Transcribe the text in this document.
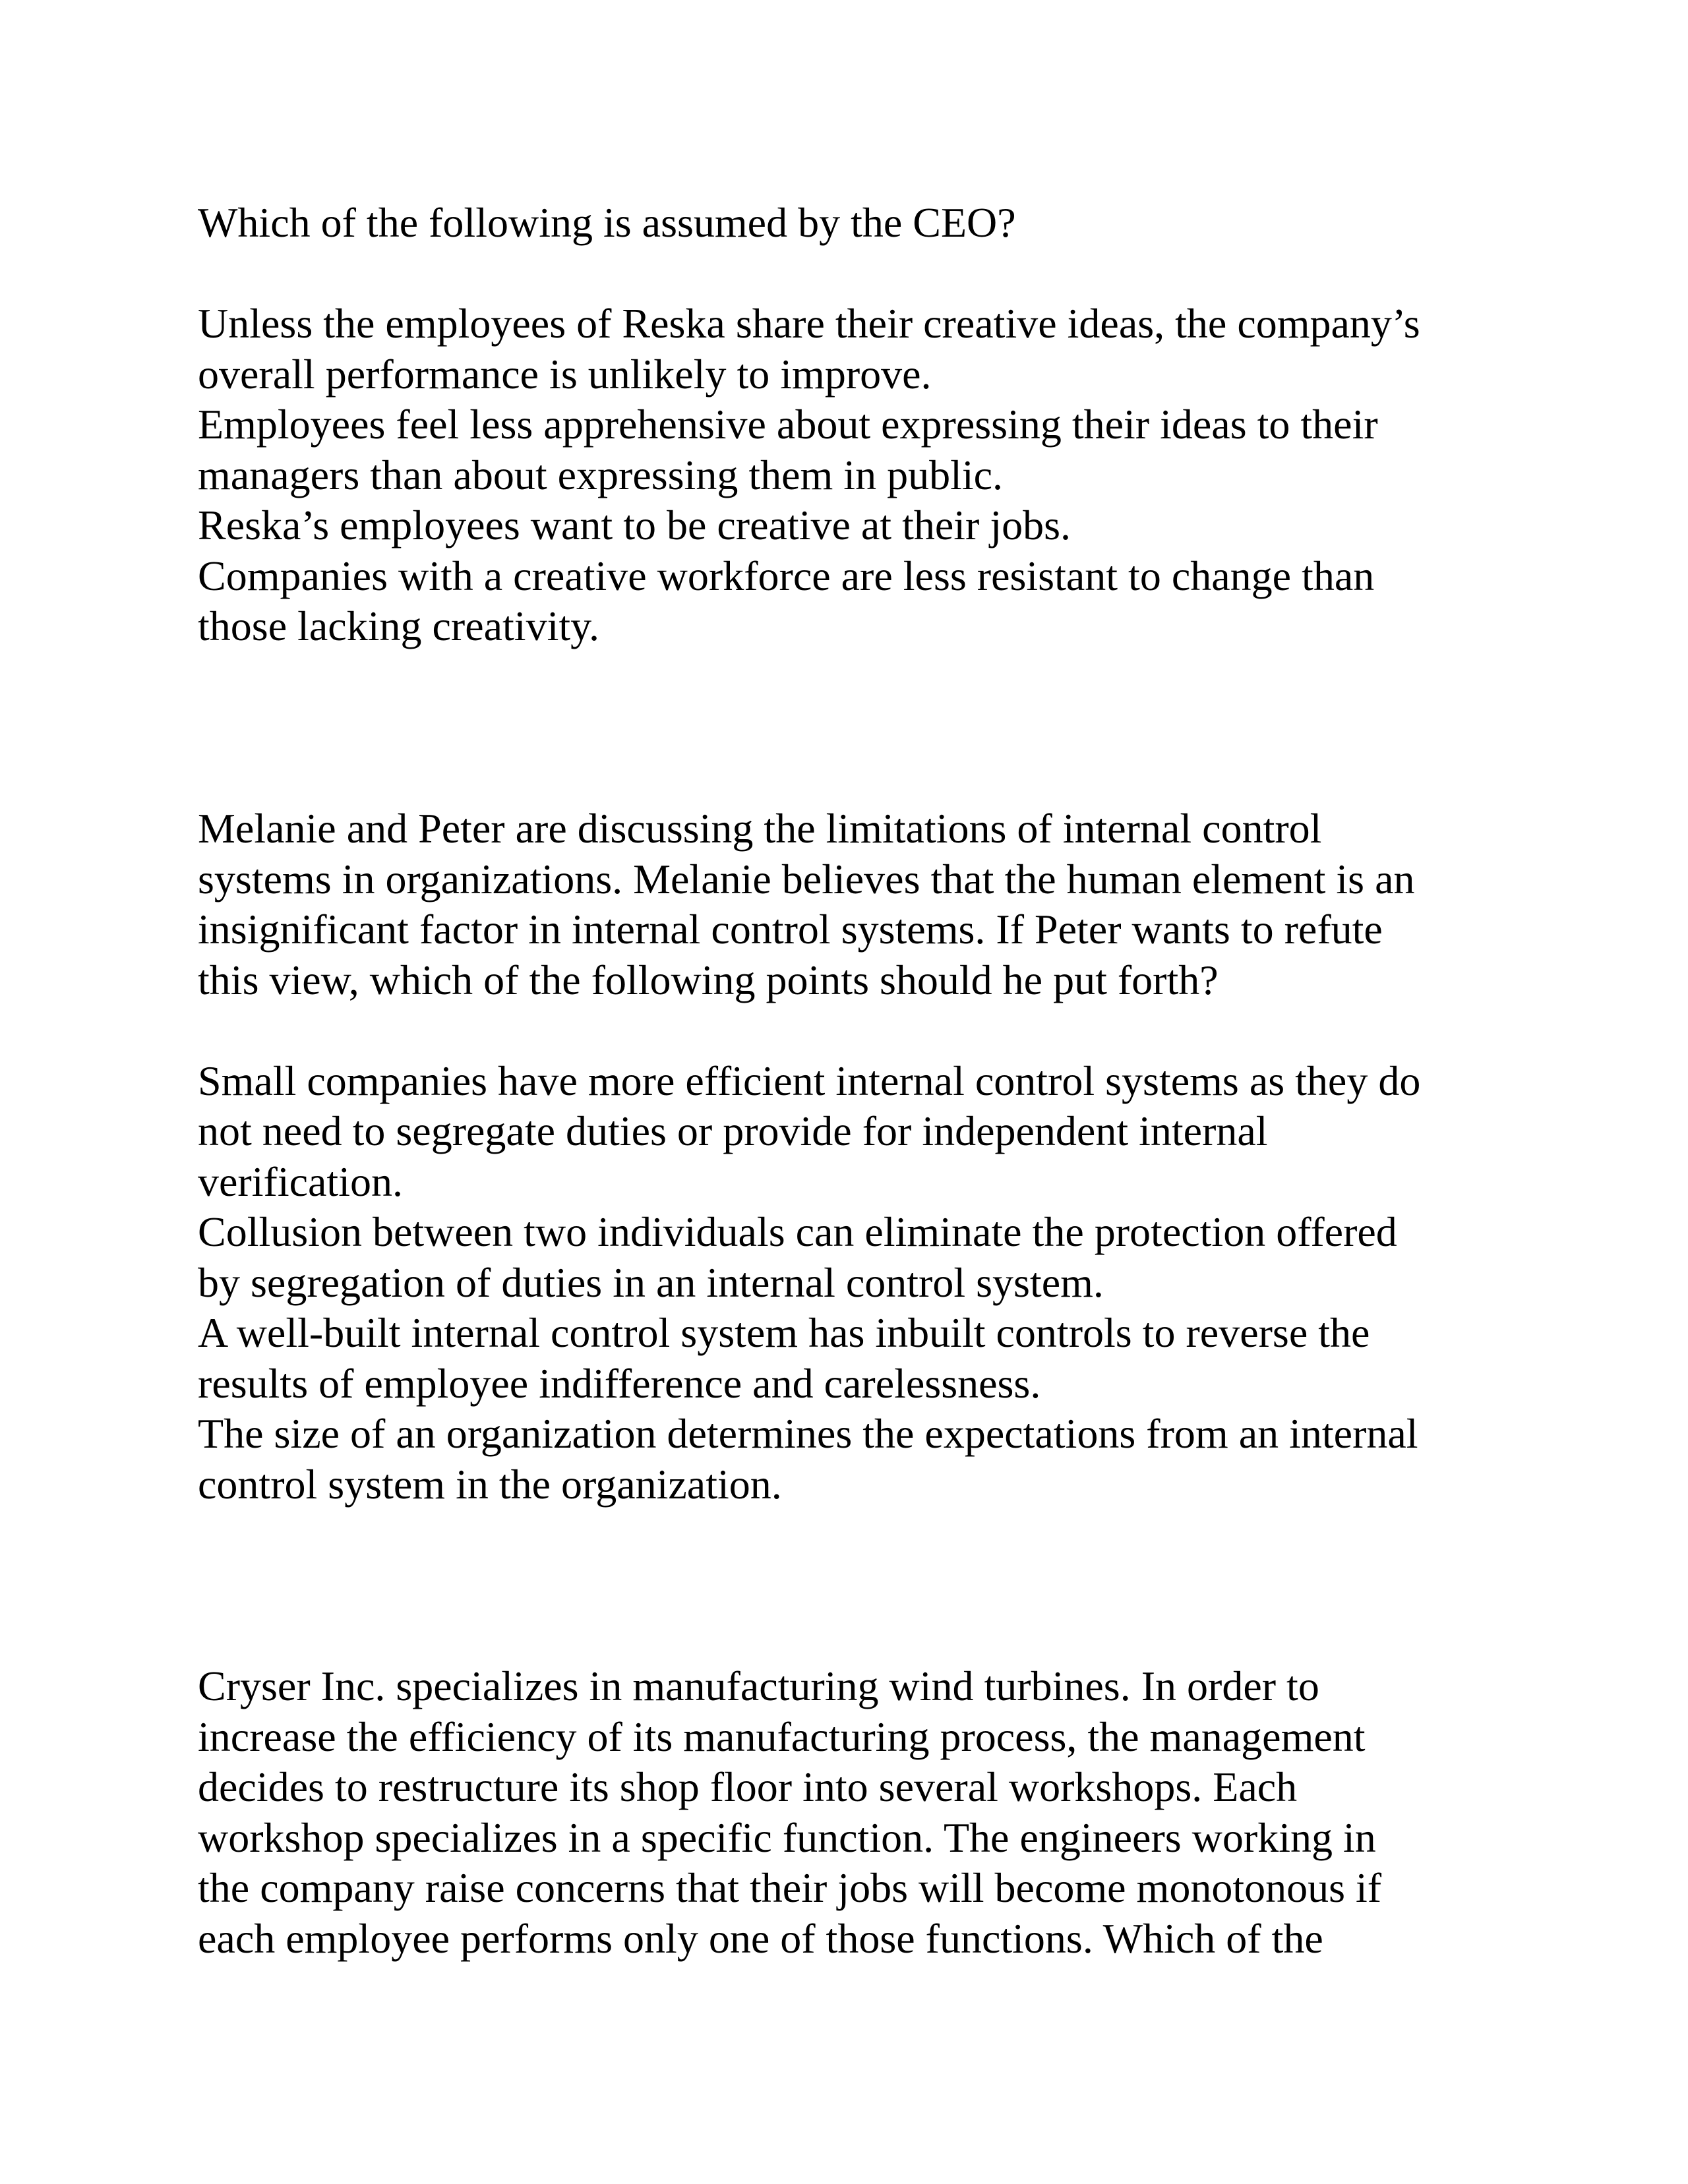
Which of the following is assumed by the CEO?
Unless the employees of Reska share their creative ideas, the company’s
overall performance is unlikely to improve.
Employees feel less apprehensive about expressing their ideas to their
managers than about expressing them in public.
Reska’s employees want to be creative at their jobs.
Companies with a creative workforce are less resistant to change than
those lacking creativity.
Melanie and Peter are discussing the limitations of internal control
systems in organizations. Melanie believes that the human element is an
insignificant factor in internal control systems. If Peter wants to refute
this view, which of the following points should he put forth?
Small companies have more efficient internal control systems as they do
not need to segregate duties or provide for independent internal
verification.
Collusion between two individuals can eliminate the protection offered
by segregation of duties in an internal control system.
A well-built internal control system has inbuilt controls to reverse the
results of employee indifference and carelessness.
The size of an organization determines the expectations from an internal
control system in the organization.
Cryser Inc. specializes in manufacturing wind turbines. In order to
increase the efficiency of its manufacturing process, the management
decides to restructure its shop floor into several workshops. Each
workshop specializes in a specific function. The engineers working in
the company raise concerns that their jobs will become monotonous if
each employee performs only one of those functions. Which of the
